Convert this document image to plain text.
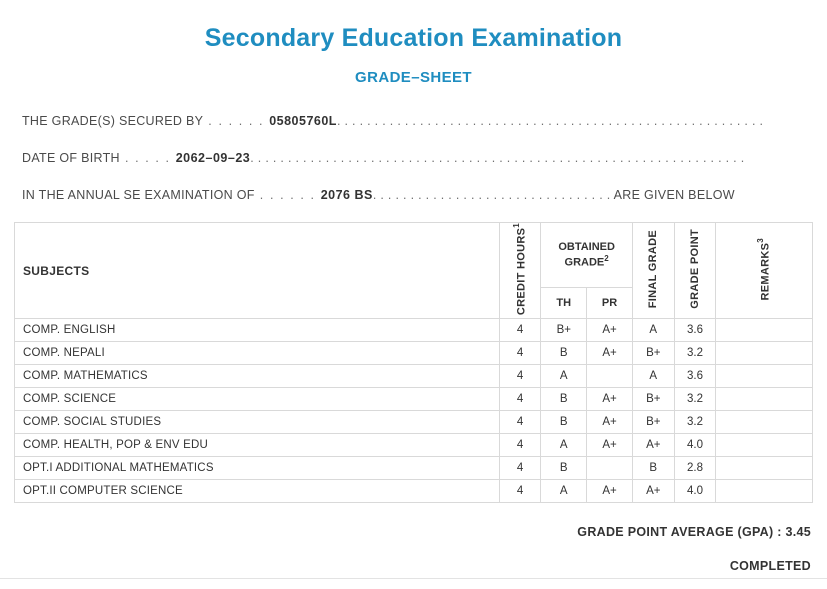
Secondary Education Examination
GRADE–SHEET
THE GRADE(S) SECURED BY . . . . . . 05805760L. . . . . . . . . . . . . . . . . . . . . . . . . . . . . . . . . . . . . . . . . . . . . . . . . . . . . . . . .
DATE OF BIRTH . . . . . 2062–09–23. . . . . . . . . . . . . . . . . . . . . . . . . . . . . . . . . . . . . . . . . . . . . . . . . . . . . . . . . . . . . . . . . .
IN THE ANNUAL SE EXAMINATION OF . . . . . . 2076 BS. . . . . . . . . . . . . . . . . . . . . . . . . . . . . . . . ARE GIVEN BELOW
SUBJECTS	CREDIT HOURS$^1$	OBTAINED GRADE$^2$		FINAL GRADE	GRADE POINT	REMARKS$^3$
		TH	PR			
COMP. ENGLISH	4	B+	A+	A	3.6	
COMP. NEPALI	4	B	A+	B+	3.2	
COMP. MATHEMATICS	4	A		A	3.6	
COMP. SCIENCE	4	B	A+	B+	3.2	
COMP. SOCIAL STUDIES	4	B	A+	B+	3.2	
COMP. HEALTH, POP & ENV EDU	4	A	A+	A+	4.0	
OPT.I ADDITIONAL MATHEMATICS	4	B		B	2.8	
OPT.II COMPUTER SCIENCE	4	A	A+	A+	4.0	
GRADE POINT AVERAGE (GPA) : 3.45
COMPLETED
